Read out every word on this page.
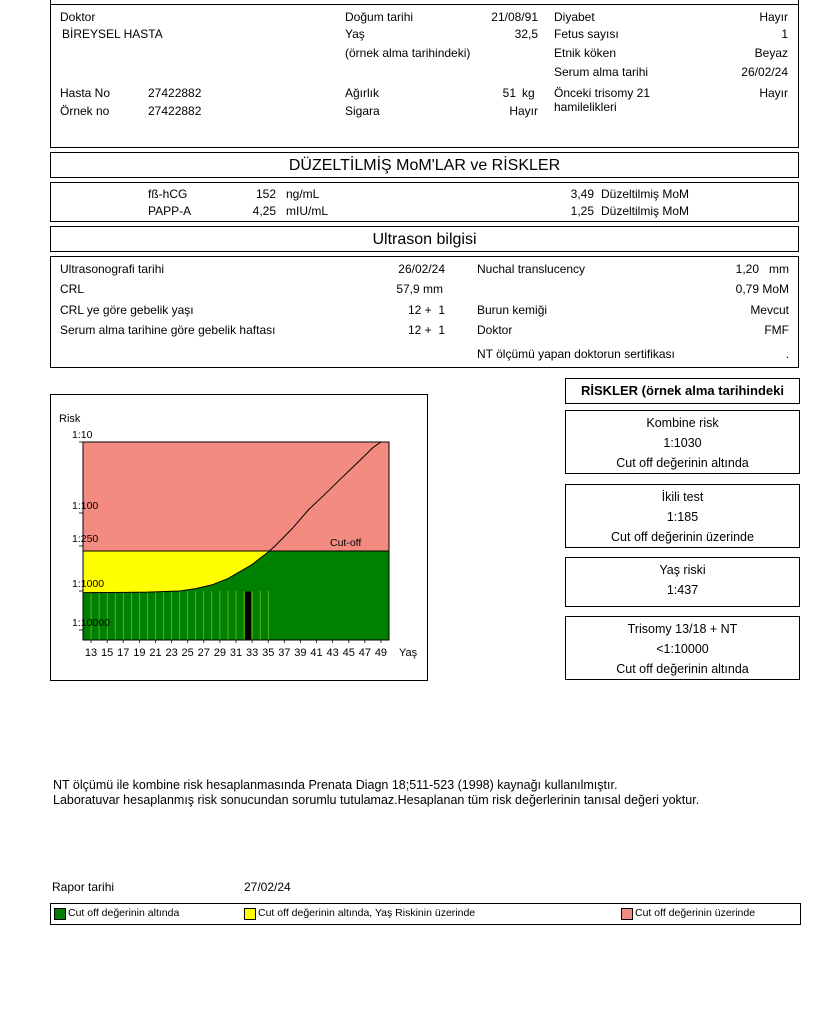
Doktor
BİREYSEL HASTA
Hasta No	27422882
Örnek no	27422882
Doğum tarihi	21/08/91
Yaş	32,5
(örnek alma tarihindeki)
Ağırlık	51 kg
Sigara	Hayır
Diyabet	Hayır
Fetus sayısı	1
Etnik köken	Beyaz
Serum alma tarihi	26/02/24
Önceki trisomy 21
hamilelikleri
Hayır
DÜZELTİLMİŞ MoM'LAR ve RİSKLER
fß-hCG	152 ng/mL	3,49 Düzeltilmiş MoM
PAPP-A	4,25 mIU/mL	1,25 Düzeltilmiş MoM
Ultrason bilgisi
Ultrasonografi tarihi	26/02/24
CRL	57,9 mm
CRL ye göre gebelik yaşı	12 +  1
Serum alma tarihine göre gebelik haftası	12 +  1
Nuchal translucency	1,20   mm
0,79 MoM
Burun kemiği	Mevcut
Doktor	FMF
NT ölçümü yapan doktorun sertifikası	.
Risk
Cut-off
1:10
1:100
1:250
1:1000
1:10000
13 15 17 19 21 23 25 27 29 31 33 35 37 39 41 43 45 47 49 Yaş
RİSKLER (örnek alma tarihindeki
Kombine risk
1:1030
Cut off değerinin altında
İkili test
1:185
Cut off değerinin üzerinde
Yaş riski
1:437
Trisomy 13/18 + NT
<1:10000
Cut off değerinin altında
NT ölçümü ile kombine risk hesaplanmasında Prenata Diagn 18;511-523 (1998) kaynağı kullanılmıştır.
Laboratuvar hesaplanmış risk sonucundan sorumlu tutulamaz.Hesaplanan tüm risk değerlerinin tanısal değeri yoktur.
Rapor tarihi	27/02/24
Cut off değerinin altında	Cut off değerinin altında, Yaş Riskinin üzerinde	Cut off değerinin üzerinde
